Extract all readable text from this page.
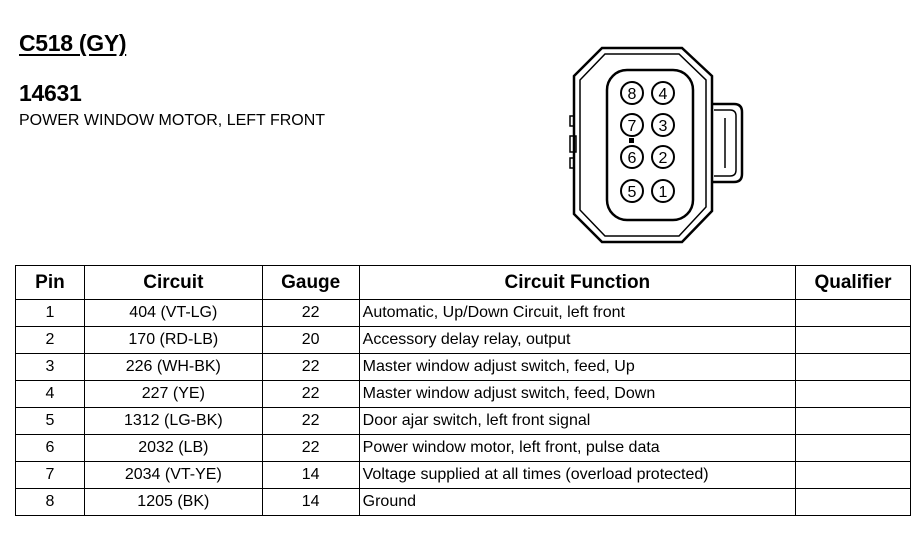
C518 (GY)
14631
POWER WINDOW MOTOR, LEFT FRONT
8 4
7 3
6 2
5 1
Pin	Circuit	Gauge	Circuit Function	Qualifier
1	404 (VT-LG)	22	Automatic, Up/Down Circuit, left front	
2	170 (RD-LB)	20	Accessory delay relay, output	
3	226 (WH-BK)	22	Master window adjust switch, feed, Up	
4	227 (YE)	22	Master window adjust switch, feed, Down	
5	1312 (LG-BK)	22	Door ajar switch, left front signal	
6	2032 (LB)	22	Power window motor, left front, pulse data	
7	2034 (VT-YE)	14	Voltage supplied at all times (overload protected)	
8	1205 (BK)	14	Ground	
